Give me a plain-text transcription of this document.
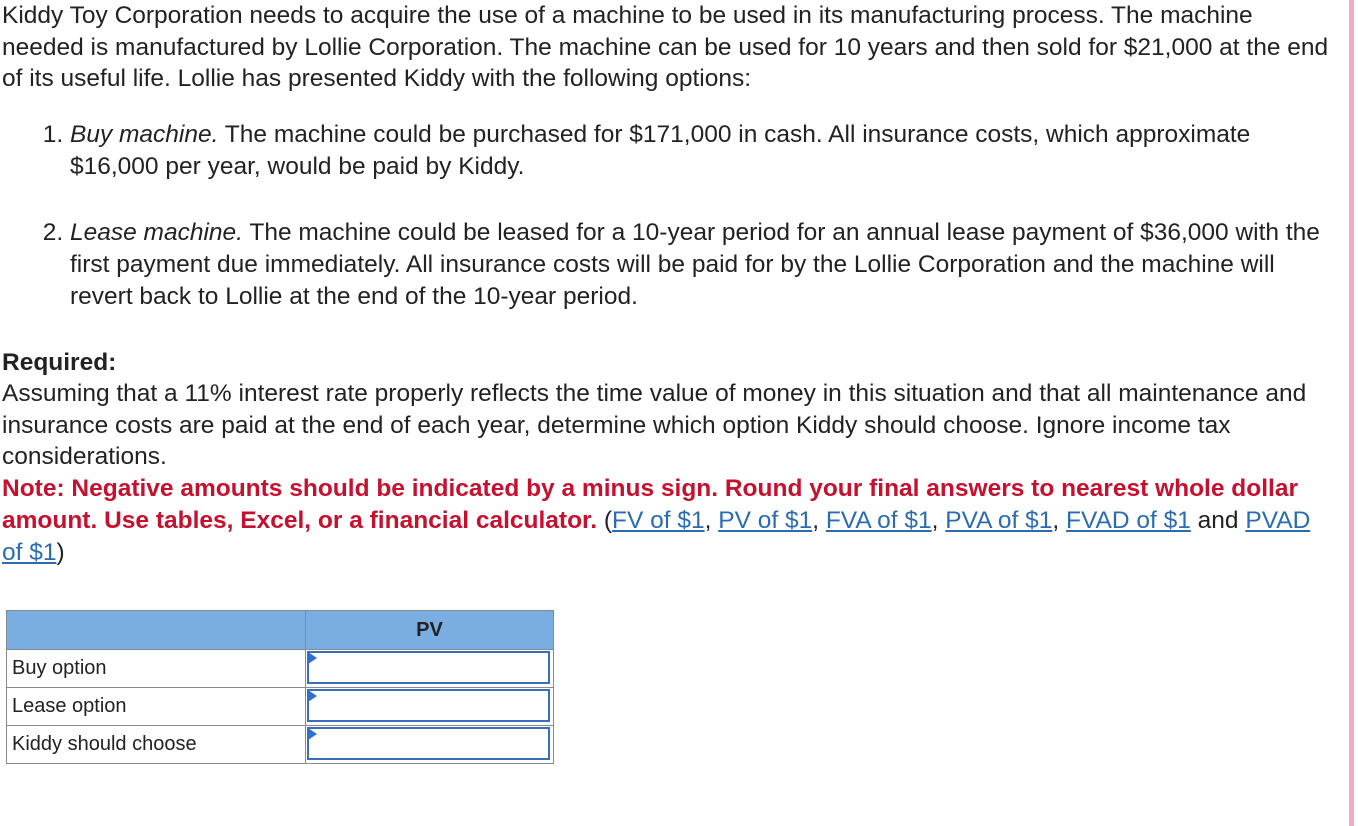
Kiddy Toy Corporation needs to acquire the use of a machine to be used in its manufacturing process. The machine needed is manufactured by Lollie Corporation. The machine can be used for 10 years and then sold for $21,000 at the end of its useful life. Lollie has presented Kiddy with the following options:

1. Buy machine. The machine could be purchased for $171,000 in cash. All insurance costs, which approximate $16,000 per year, would be paid by Kiddy.
2. Lease machine. The machine could be leased for a 10-year period for an annual lease payment of $36,000 with the first payment due immediately. All insurance costs will be paid for by the Lollie Corporation and the machine will revert back to Lollie at the end of the 10-year period.

Required:

Assuming that a 11% interest rate properly reflects the time value of money in this situation and that all maintenance and insurance costs are paid at the end of each year, determine which option Kiddy should choose. Ignore income tax considerations.

Note: Negative amounts should be indicated by a minus sign. Round your final answers to nearest whole dollar amount. Use tables, Excel, or a financial calculator. (FV of $1, PV of $1, FVA of $1, PVA of $1, FVAD of $1 and PVAD of $1)

	PV
Buy option	

Lease option	

Kiddy should choose	
